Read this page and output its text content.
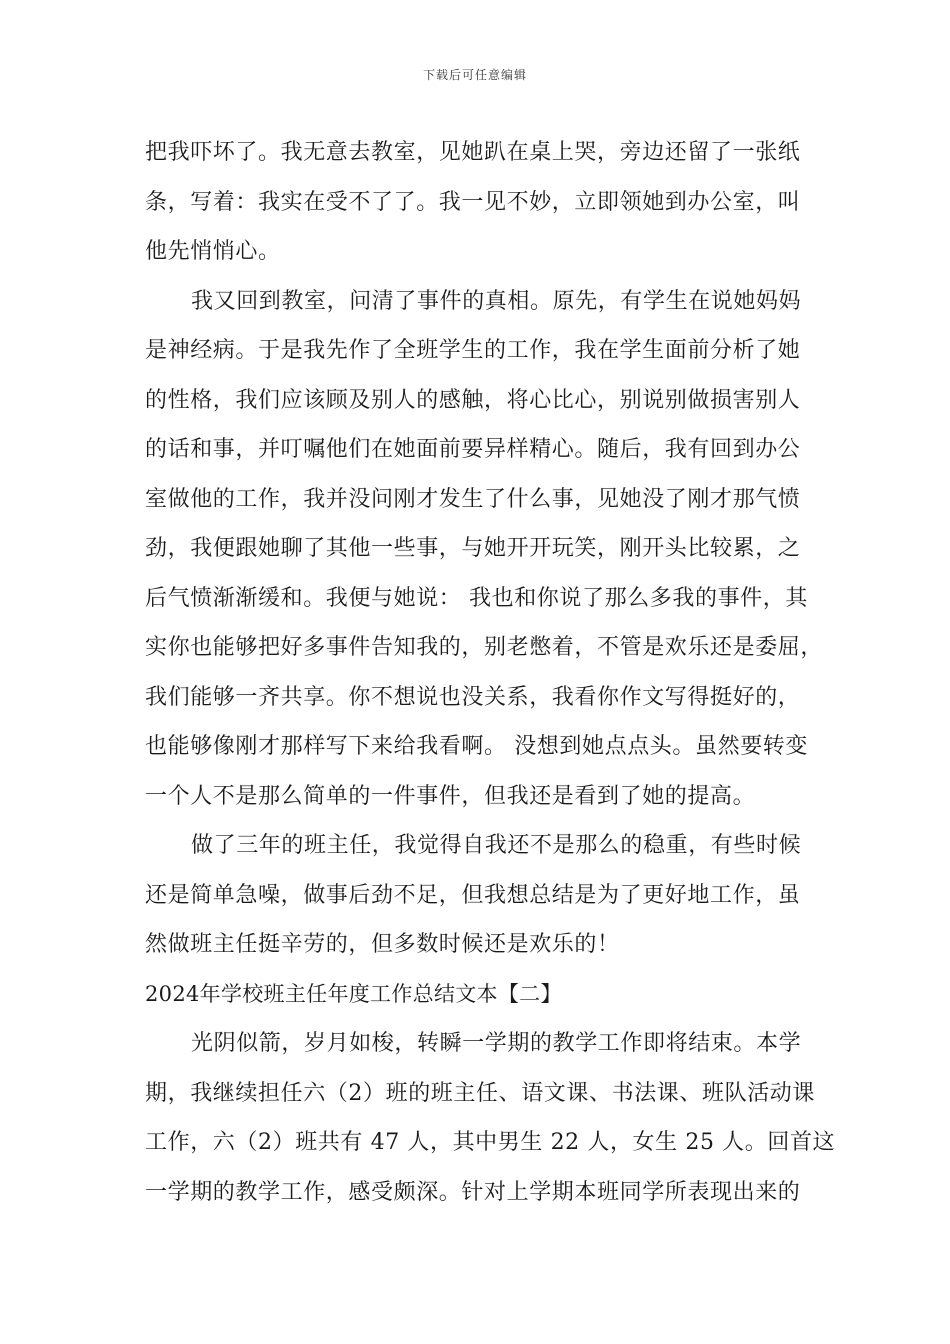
下载后可任意编辑
把我吓坏了。我无意去教室，见她趴在桌上哭，旁边还留了一张纸
条，写着：我实在受不了了。我一见不妙，立即领她到办公室，叫
他先悄悄心。
我又回到教室，问清了事件的真相。原先，有学生在说她妈妈
是神经病。于是我先作了全班学生的工作，我在学生面前分析了她
的性格，我们应该顾及别人的感触，将心比心，别说别做损害别人
的话和事，并叮嘱他们在她面前要异样精心。随后，我有回到办公
室做他的工作，我并没问刚才发生了什么事，见她没了刚才那气愤
劲，我便跟她聊了其他一些事，与她开开玩笑，刚开头比较累，之
后气愤渐渐缓和。我便与她说： 我也和你说了那么多我的事件，其
实你也能够把好多事件告知我的，别老憋着，不管是欢乐还是委屈，
我们能够一齐共享。你不想说也没关系，我看你作文写得挺好的，
也能够像刚才那样写下来给我看啊。 没想到她点点头。虽然要转变
一个人不是那么简单的一件事件，但我还是看到了她的提高。
做了三年的班主任，我觉得自我还不是那么的稳重，有些时候
还是简单急噪，做事后劲不足，但我想总结是为了更好地工作，虽
然做班主任挺辛劳的，但多数时候还是欢乐的！
2024年学校班主任年度工作总结文本【二】
光阴似箭，岁月如梭，转瞬一学期的教学工作即将结束。本学
期，我继续担任六（2）班的班主任、语文课、书法课、班队活动课
工作，六（2）班共有 47 人，其中男生 22 人，女生 25 人。回首这
一学期的教学工作，感受颇深。针对上学期本班同学所表现出来的
